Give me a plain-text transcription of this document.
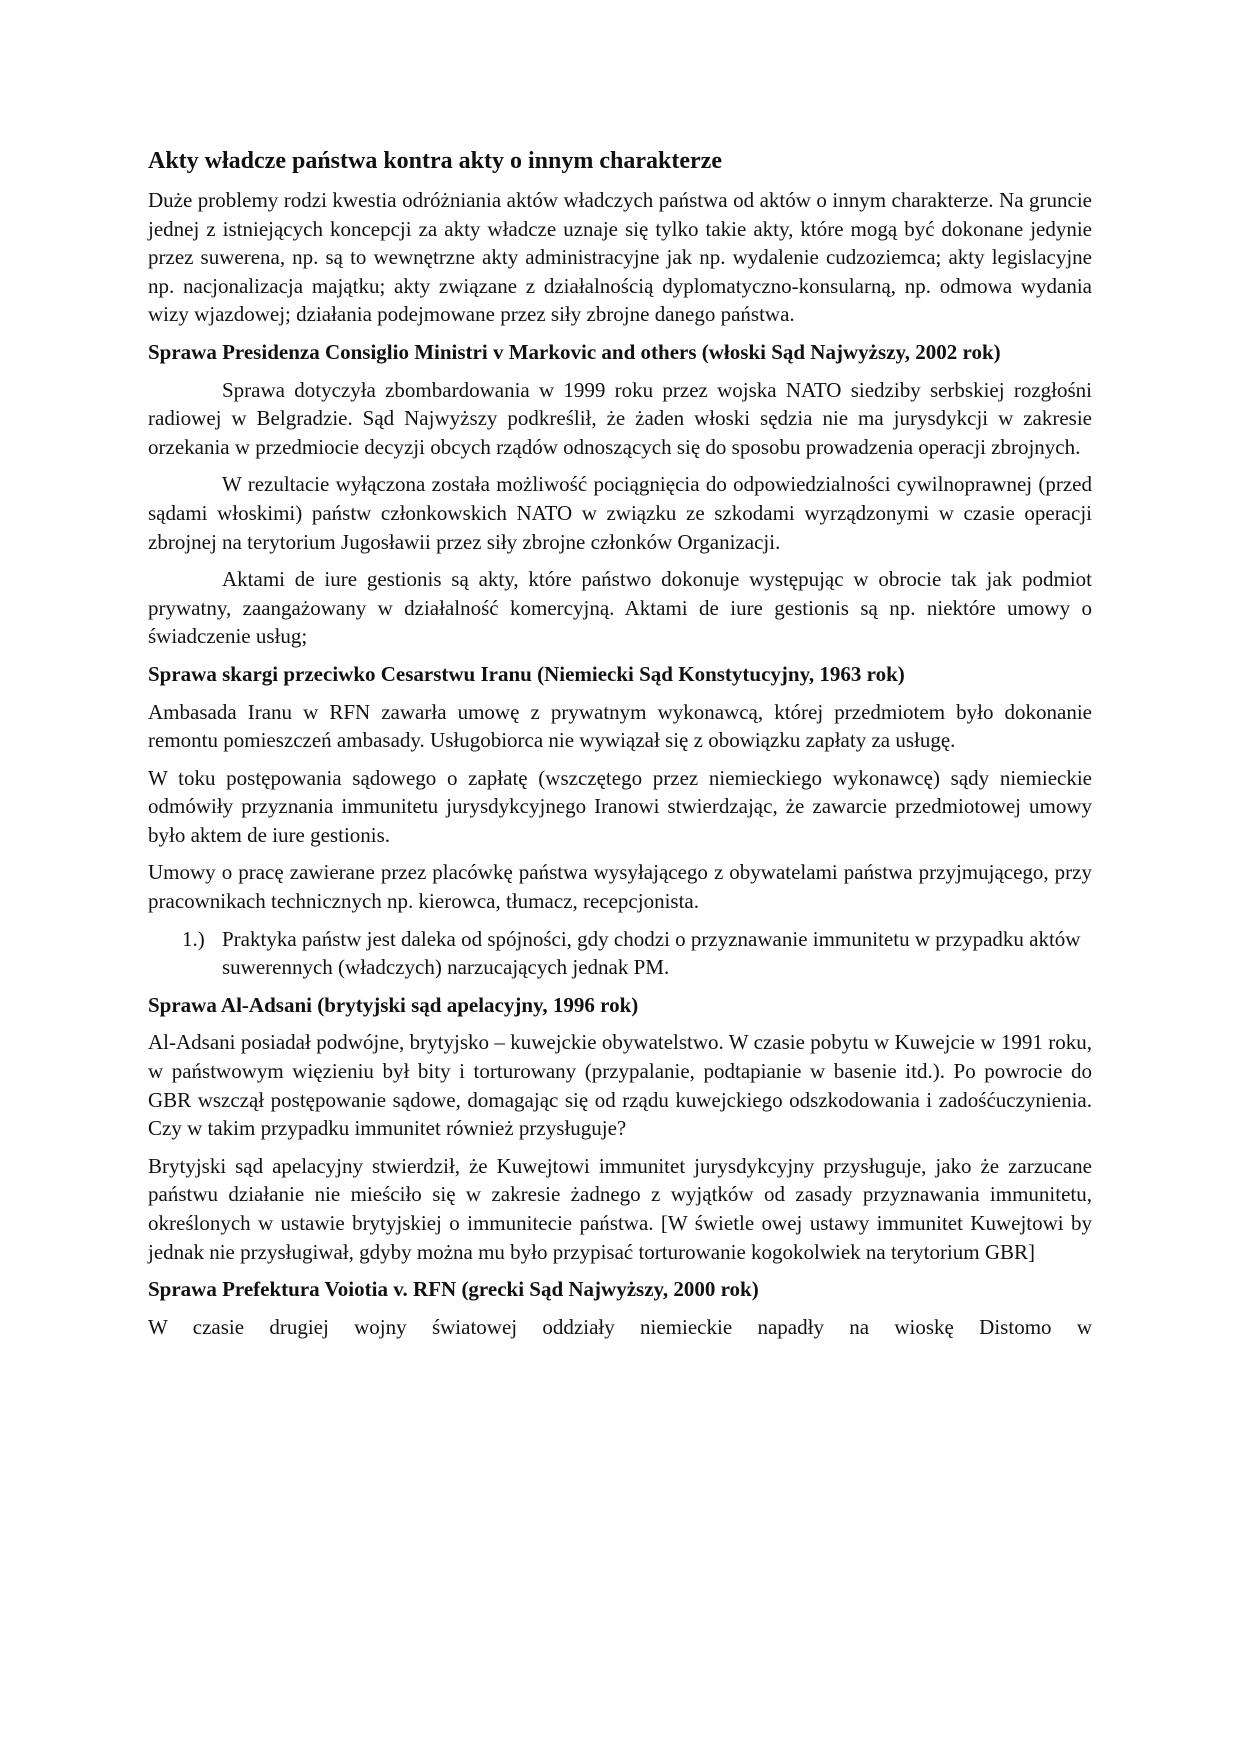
Akty władcze państwa kontra akty o innym charakterze

Duże problemy rodzi kwestia odróżniania aktów władczych państwa od aktów o innym charakterze. Na gruncie jednej z istniejących koncepcji za akty władcze uznaje się tylko takie akty, które mogą być dokonane jedynie przez suwerena, np. są to wewnętrzne akty administracyjne jak np. wydalenie cudzoziemca; akty legislacyjne np. nacjonalizacja majątku; akty związane z działalnością dyplomatyczno-konsularną, np. odmowa wydania wizy wjazdowej; działania podejmowane przez siły zbrojne danego państwa.

Sprawa Presidenza Consiglio Ministri v Markovic and others (włoski Sąd Najwyższy, 2002 rok)

Sprawa dotyczyła zbombardowania w 1999 roku przez wojska NATO siedziby serbskiej rozgłośni radiowej w Belgradzie. Sąd Najwyższy podkreślił, że żaden włoski sędzia nie ma jurysdykcji w zakresie orzekania w przedmiocie decyzji obcych rządów odnoszących się do sposobu prowadzenia operacji zbrojnych.

W rezultacie wyłączona została możliwość pociągnięcia do odpowiedzialności cywilnoprawnej (przed sądami włoskimi) państw członkowskich NATO w związku ze szkodami wyrządzonymi w czasie operacji zbrojnej na terytorium Jugosławii przez siły zbrojne członków Organizacji.

Aktami de iure gestionis są akty, które państwo dokonuje występując w obrocie tak jak podmiot prywatny, zaangażowany w działalność komercyjną. Aktami de iure gestionis są np. niektóre umowy o świadczenie usług;

Sprawa skargi przeciwko Cesarstwu Iranu (Niemiecki Sąd Konstytucyjny, 1963 rok)

Ambasada Iranu w RFN zawarła umowę z prywatnym wykonawcą, której przedmiotem było dokonanie remontu pomieszczeń ambasady. Usługobiorca nie wywiązał się z obowiązku zapłaty za usługę.

W toku postępowania sądowego o zapłatę (wszczętego przez niemieckiego wykonawcę) sądy niemieckie odmówiły przyznania immunitetu jurysdykcyjnego Iranowi stwierdzając, że zawarcie przedmiotowej umowy było aktem de iure gestionis.

Umowy o pracę zawierane przez placówkę państwa wysyłającego z obywatelami państwa przyjmującego, przy pracownikach technicznych np. kierowca, tłumacz, recepcjonista.

1.) Praktyka państw jest daleka od spójności, gdy chodzi o przyznawanie immunitetu w przypadku aktów suwerennych (władczych) narzucających jednak PM.

Sprawa Al-Adsani (brytyjski sąd apelacyjny, 1996 rok)

Al-Adsani posiadał podwójne, brytyjsko – kuwejckie obywatelstwo. W czasie pobytu w Kuwejcie w 1991 roku, w państwowym więzieniu był bity i torturowany (przypalanie, podtapianie w basenie itd.). Po powrocie do GBR wszczął postępowanie sądowe, domagając się od rządu kuwejckiego odszkodowania i zadośćuczynienia. Czy w takim przypadku immunitet również przysługuje?

Brytyjski sąd apelacyjny stwierdził, że Kuwejtowi immunitet jurysdykcyjny przysługuje, jako że zarzucane państwu działanie nie mieściło się w zakresie żadnego z wyjątków od zasady przyznawania immunitetu, określonych w ustawie brytyjskiej o immunitecie państwa. [W świetle owej ustawy immunitet Kuwejtowi by jednak nie przysługiwał, gdyby można mu było przypisać torturowanie kogokolwiek na terytorium GBR]

Sprawa Prefektura Voiotia v. RFN (grecki Sąd Najwyższy, 2000 rok)

W czasie drugiej wojny światowej oddziały niemieckie napadły na wioskę Distomo w
